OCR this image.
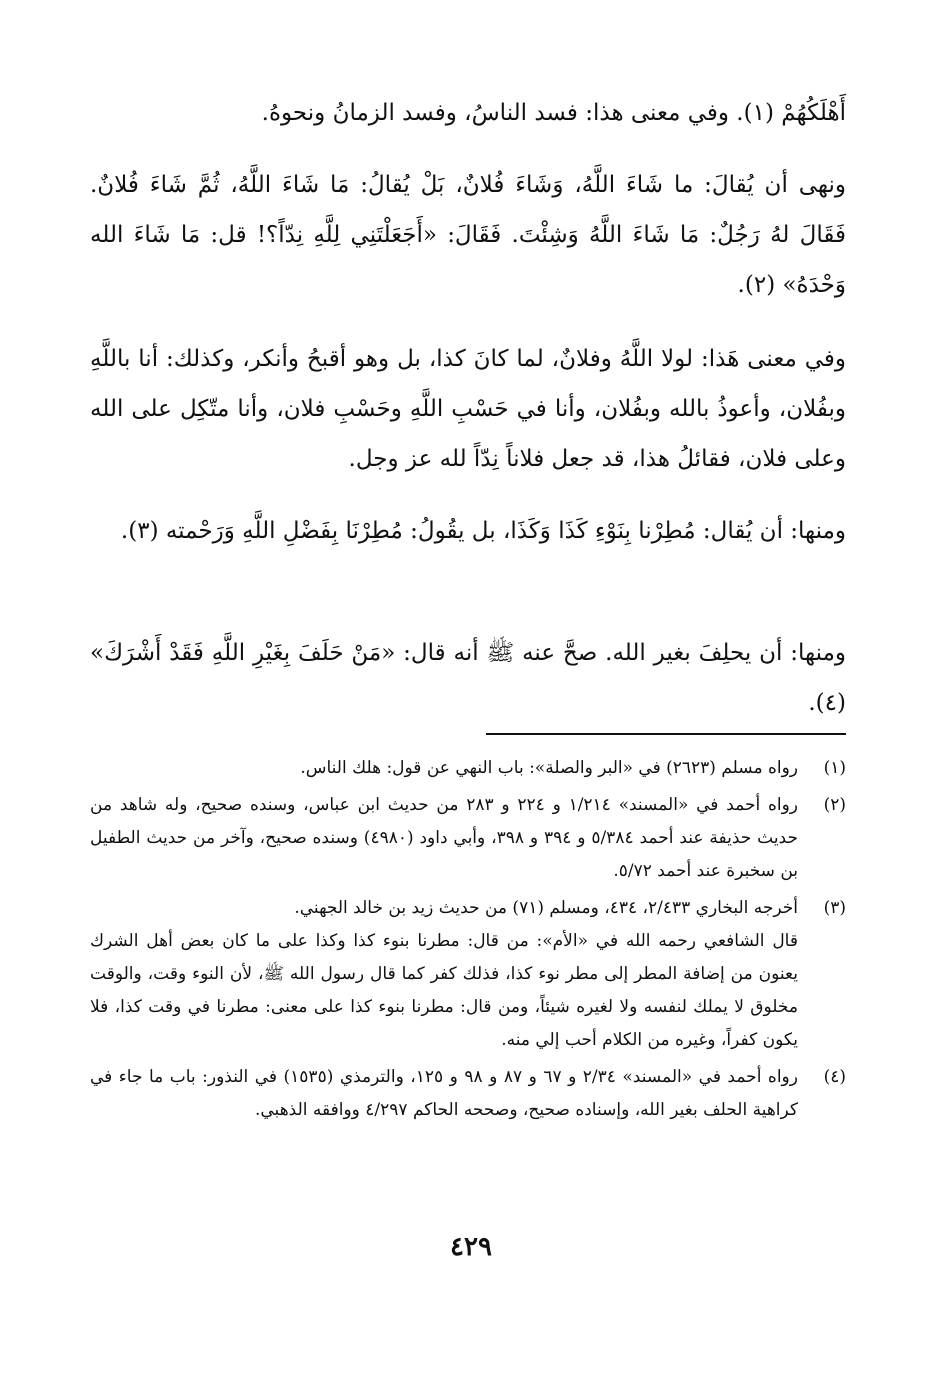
أَهْلَكُهُمْ (١). وفي معنى هذا: فسد الناسُ، وفسد الزمانُ ونحوهُ.

ونهى أن يُقالَ: ما شَاءَ اللَّهُ، وَشَاءَ فُلانٌ، بَلْ يُقالُ: مَا شَاءَ اللَّهُ، ثُمَّ شَاءَ فُلانٌ. فَقَالَ لهُ رَجُلٌ: مَا شَاءَ اللَّهُ وَشِئْتَ. فَقَالَ: «أَجَعَلْتَنِي لِلَّهِ نِدّاً؟! قل: مَا شَاءَ الله وَحْدَهُ» (٢).

وفي معنى هَذا: لولا اللَّهُ وفلانٌ، لما كانَ كذا، بل وهو أقبحُ وأنكر، وكذلك: أنا باللَّهِ وبفُلان، وأعوذُ بالله وبفُلان، وأنا في حَسْبِ اللَّهِ وحَسْبِ فلان، وأنا متّكِل على الله وعلى فلان، فقائلُ هذا، قد جعل فلاناً نِدّاً لله عز وجل.

ومنها: أن يُقال: مُطِرْنا بِنَوْءِ كَذَا وَكَذَا، بل يقُولُ: مُطِرْنَا بِفَضْلِ اللَّهِ وَرَحْمته (٣).

ومنها: أن يحلِفَ بغير الله. صحَّ عنه ﷺ أنه قال: «مَنْ حَلَفَ بِغَيْرِ اللَّهِ فَقَدْ أَشْرَكَ» (٤).

(١)

رواه مسلم (٢٦٢٣) في «البر والصلة»: باب النهي عن قول: هلك الناس.

(٢)

رواه أحمد في «المسند» ١/٢١٤ و ٢٢٤ و ٢٨٣ من حديث ابن عباس، وسنده صحيح، وله شاهد من حديث حذيفة عند أحمد ٥/٣٨٤ و ٣٩٤ و ٣٩٨، وأبي داود (٤٩٨٠) وسنده صحيح، وآخر من حديث الطفيل بن سخبرة عند أحمد ٥/٧٢.

(٣)
أخرجه البخاري ٢/٤٣٣، ٤٣٤، ومسلم (٧١) من حديث زيد بن خالد الجهني.
قال الشافعي رحمه الله في «الأم»: من قال: مطرنا بنوء كذا وكذا على ما كان بعض أهل الشرك يعنون من إضافة المطر إلى مطر نوء كذا، فذلك كفر كما قال رسول الله ﷺ، لأن النوء وقت، والوقت مخلوق لا يملك لنفسه ولا لغيره شيئاً، ومن قال: مطرنا بنوء كذا على معنى: مطرنا في وقت كذا، فلا يكون كفراً، وغيره من الكلام أحب إلي منه.
(٤)

رواه أحمد في «المسند» ٢/٣٤ و ٦٧ و ٨٧ و ٩٨ و ١٢٥، والترمذي (١٥٣٥) في النذور: باب ما جاء في كراهية الحلف بغير الله، وإسناده صحيح، وصححه الحاكم ٤/٢٩٧ ووافقه الذهبي.

٤٢٩
